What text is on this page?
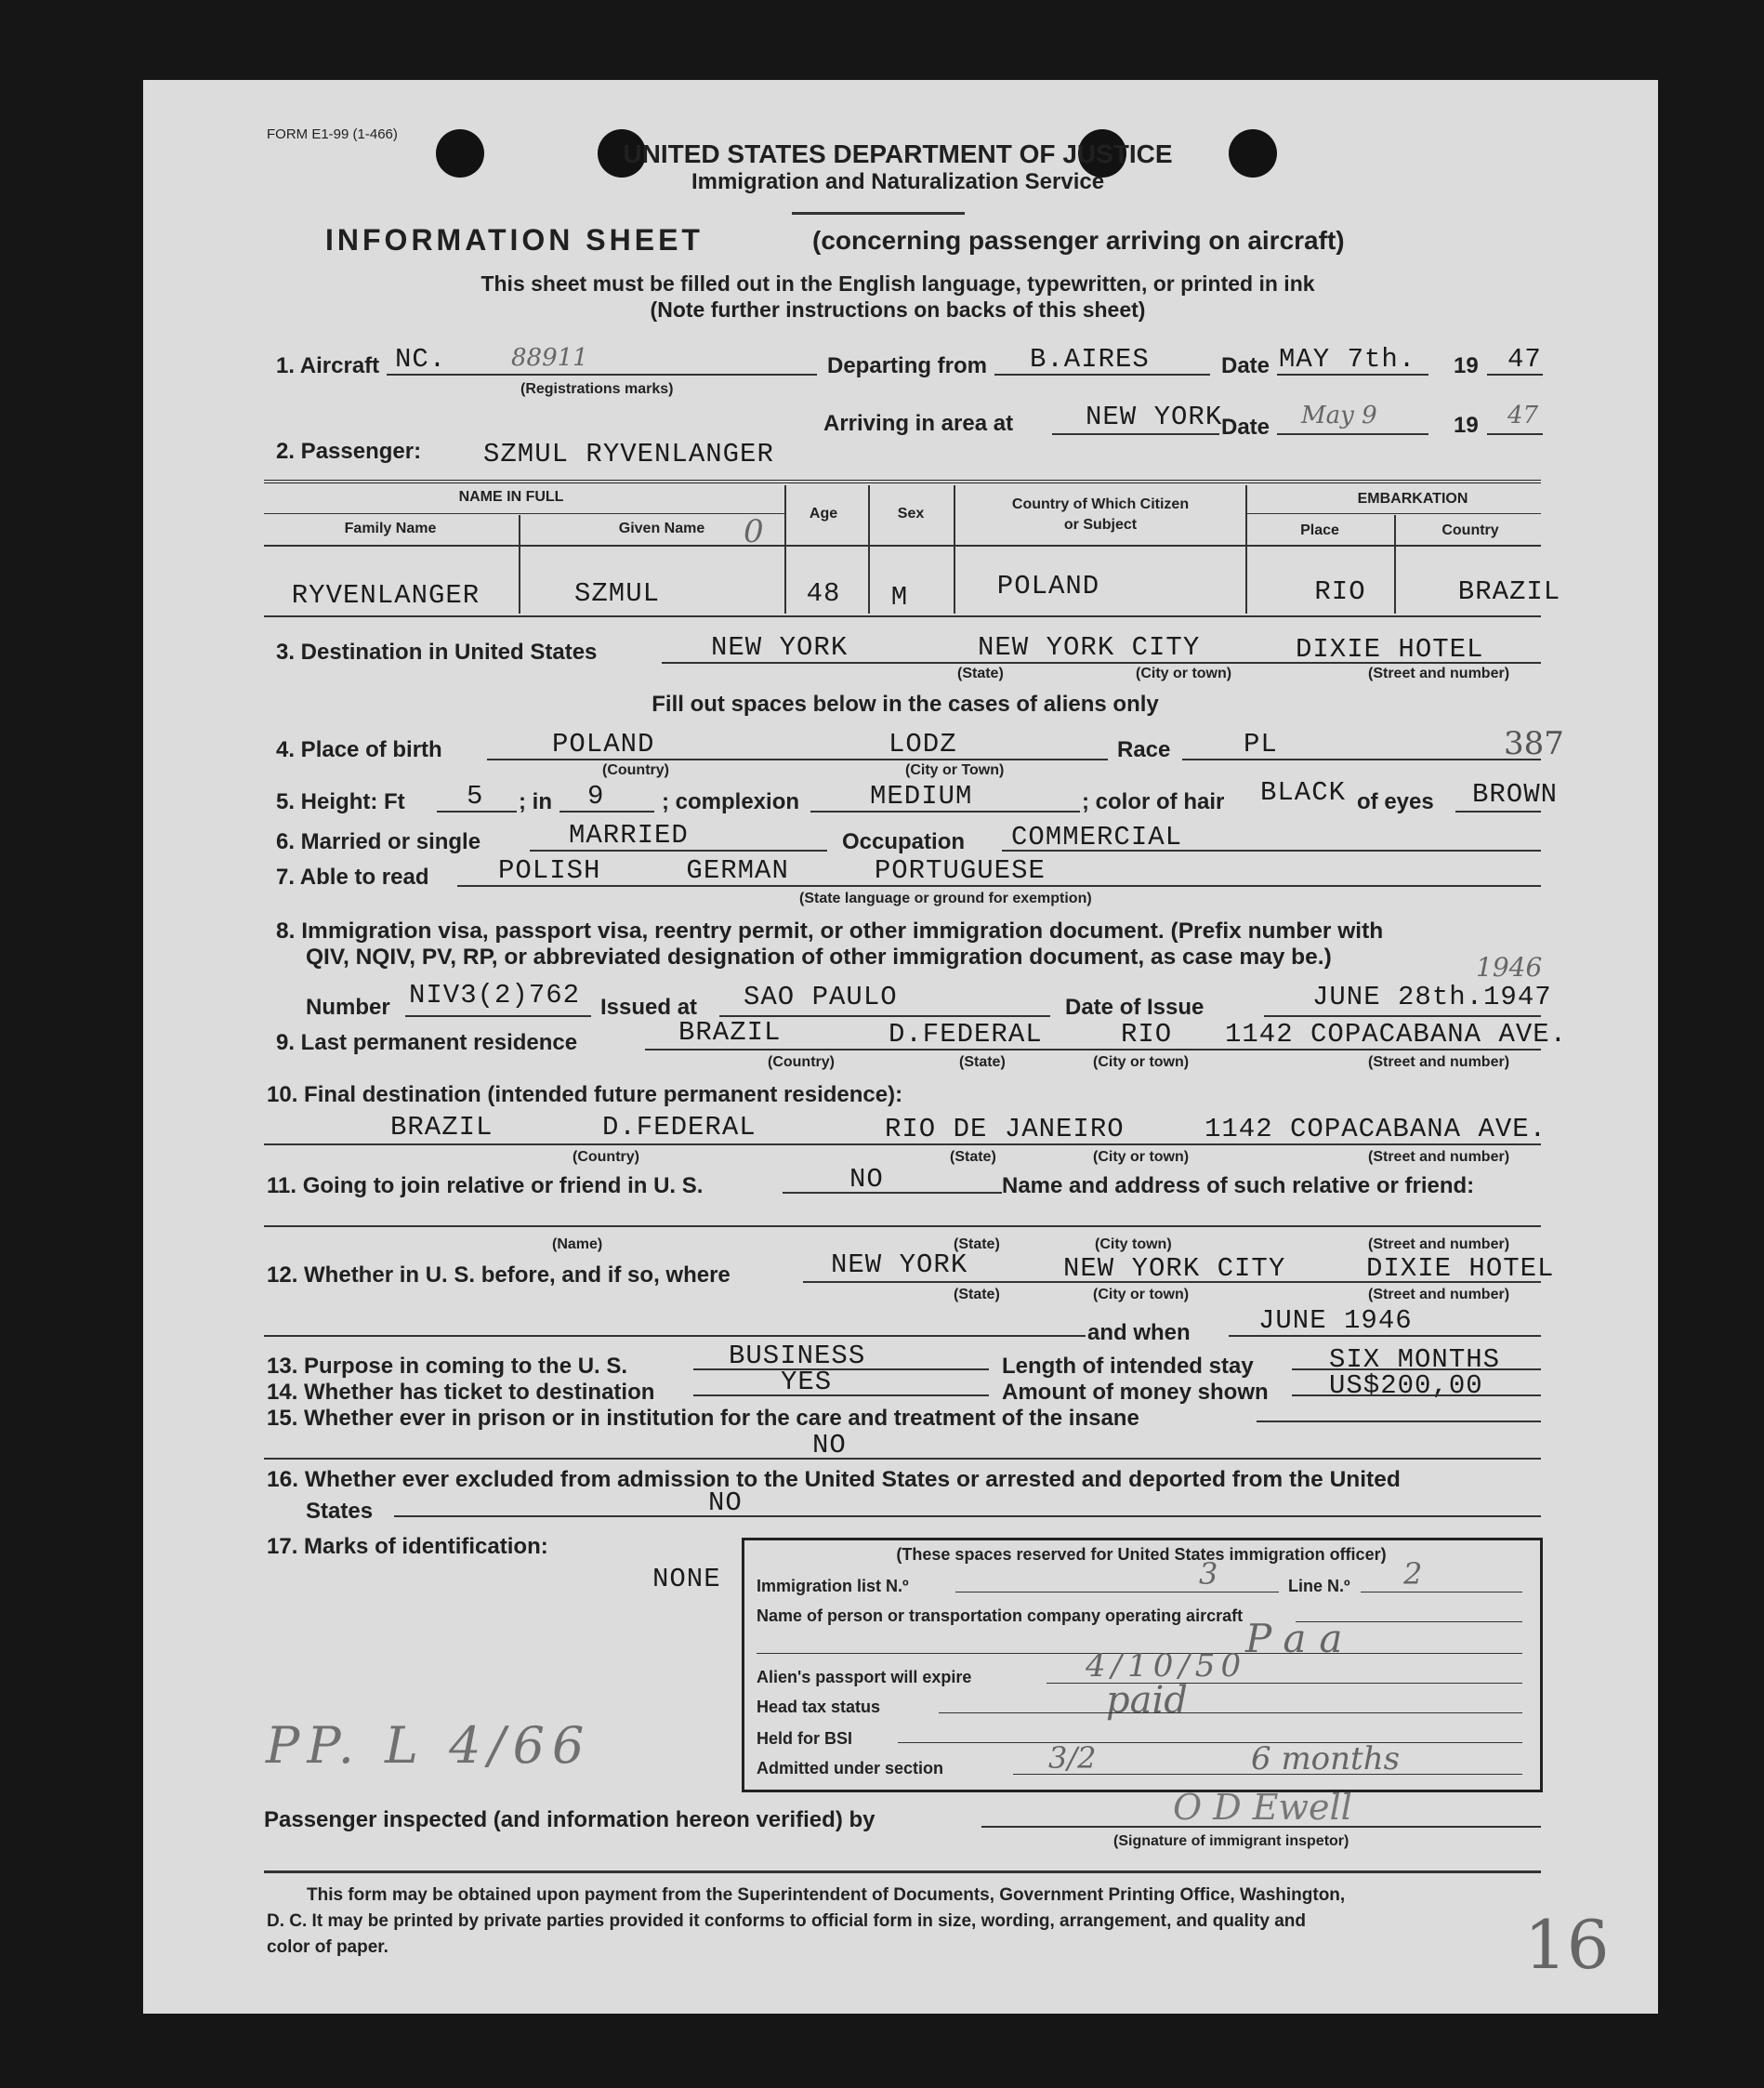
FORM E1-99 (1-466)
UNITED STATES DEPARTMENT OF JUSTICE
Immigration and Naturalization Service
INFORMATION SHEET	(concerning passenger arriving on aircraft)
This sheet must be filled out in the English language, typewritten, or printed in ink
(Note further instructions on backs of this sheet)
1. Aircraft NC.	88911
(Registrations marks)
Departing from B.AIRES	Date MAY 7th. 19 47
Arriving in area at	NEW YORK
Date May 9	19 47
2. Passenger: SZMUL RYVENLANGER
NAME IN FULL
Family Name	Given Name 0	Age	Sex
Country of Which Citizen
or Subject
EMBARKATION
Place	Country
RYVENLANGER	SZMUL	48 M	POLAND	RIO	BRAZIL
3. Destination in United States	NEW YORK	NEW YORK CITY	DIXIE HOTEL
(State)	(City or town)	(Street and number)
Fill out spaces below in the cases of aliens only
4. Place of birth	POLAND	LODZ
(Country)	(City or Town)
Race	PL	387
5. Height: Ft 5 ; in 9	; complexion	MEDIUM	; color of hair BLACK of eyes BROWN
6. Married or single	MARRIED	Occupation COMMERCIAL
7. Able to read	POLISH     GERMAN     PORTUGUESE
(State language or ground for exemption)
8. Immigration visa, passport visa, reentry permit, or other immigration document. (Prefix number with
QIV, NQIV, PV, RP, or abbreviated designation of other immigration document, as case may be.)
Number NIV3(2)762 Issued at SAO PAULO	Date of Issue	JUNE 28th.1947
1946
9. Last permanent residence	BRAZIL	D.FEDERAL	RIO 1142 COPACABANA AVE.
(Country)	(State)	(City or town)	(Street and number)
10. Final destination (intended future permanent residence):
BRAZIL	D.FEDERAL	RIO DE JANEIRO	1142 COPACABANA AVE.
(Country)	(State)	(City or town)	(Street and number)
11. Going to join relative or friend in U. S.	NO	Name and address of such relative or friend:
(Name)	(State)	(City town)	(Street and number)
12. Whether in U. S. before, and if so, where	NEW YORK	NEW YORK CITY	DIXIE HOTEL
(State)	(City or town)	(Street and number)
and when	JUNE 1946
13. Purpose in coming to the U. S.	BUSINESS	Length of intended stay	SIX MONTHS
14. Whether has ticket to destination	YES	Amount of money shown US$200,00
15. Whether ever in prison or in institution for the care and treatment of the insane
NO
16. Whether ever excluded from admission to the United States or arrested and deported from the United
States	NO
17. Marks of identification:
NONE
(These spaces reserved for United States immigration officer)
Immigration list N.º	3	Line N.º 2
Name of person or transportation company operating aircraft Paa
Alien's passport will expire	4/10/50
Head tax status	paid
Held for BSI
Admitted under section	3/2	6 months
PP. L 4/66
Passenger inspected (and information hereon verified) by	O D Ewell
(Signature of immigrant inspetor)
This form may be obtained upon payment from the Superintendent of Documents, Government Printing Office, Washington,
D. C. It may be printed by private parties provided it conforms to official form in size, wording, arrangement, and quality and
color of paper.	16
